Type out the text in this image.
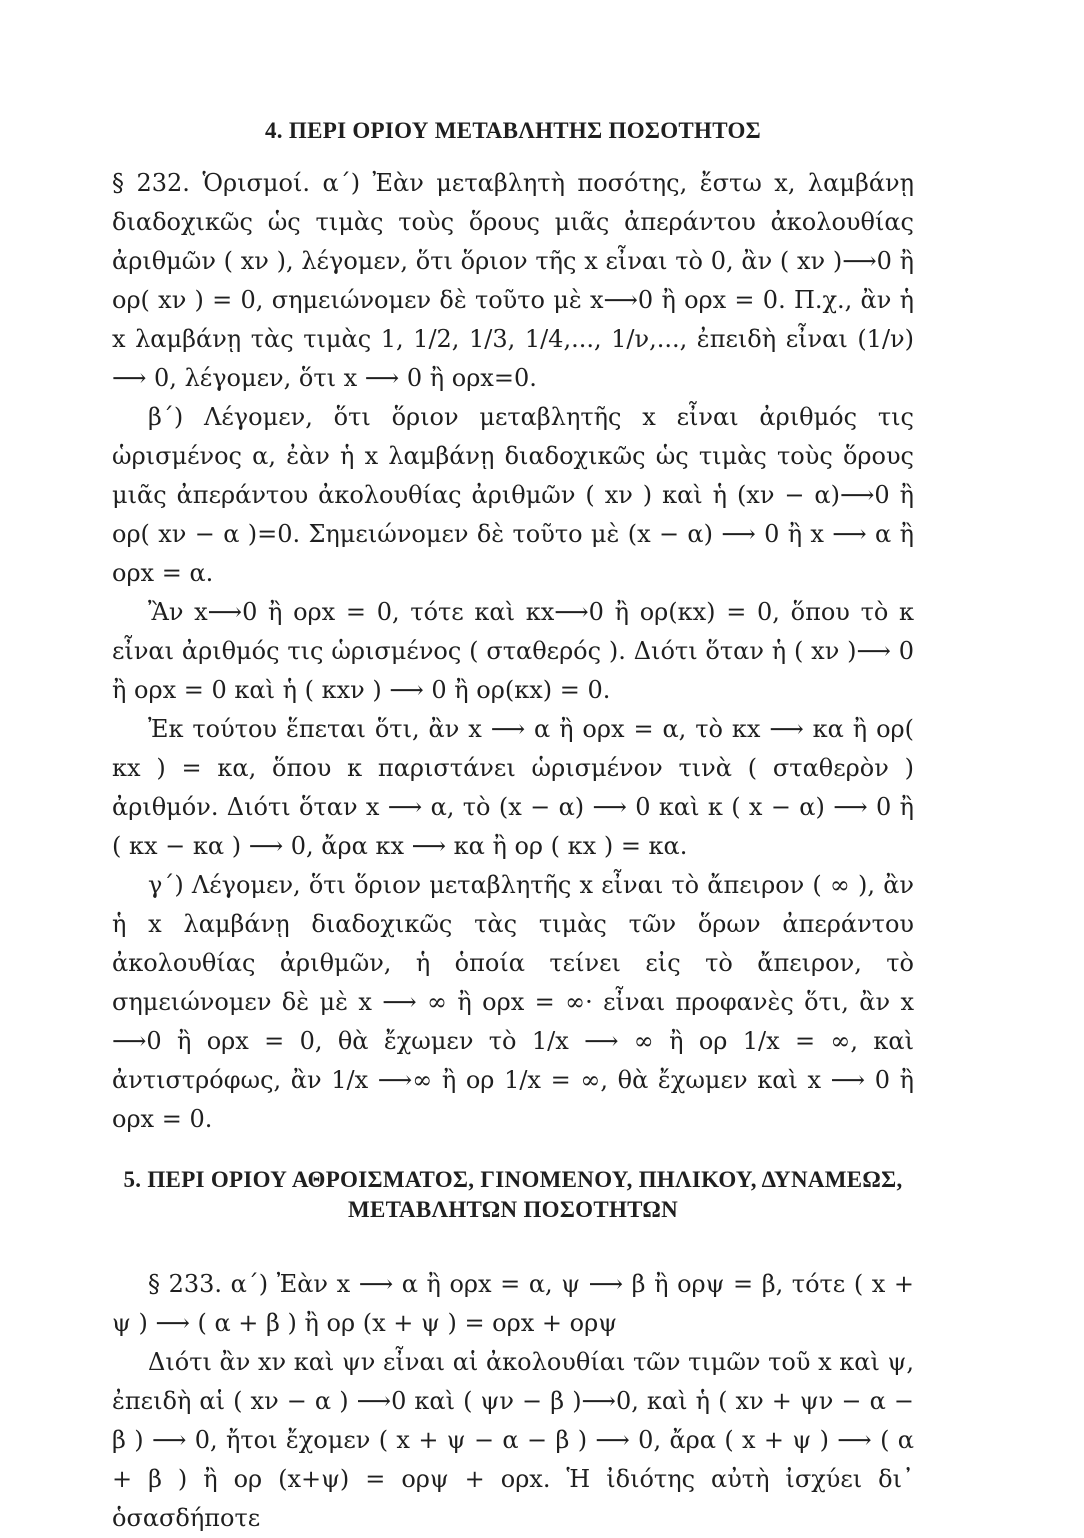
4. ΠΕΡΙ ΟΡΙΟΥ ΜΕΤΑΒΛΗΤΗΣ ΠΟΣΟΤΗΤΟΣ

§ 232. Ὁρισμοί. α΄) Ἐὰν μεταβλητὴ ποσότης, ἔστω x, λαμβάνῃ διαδοχικῶς ὡς τιμὰς τοὺς ὅρους μιᾶς ἀπεράντου ἀκολουθίας ἀριθμῶν ( xν ), λέγομεν, ὅτι ὅριον τῆς x εἶναι τὸ 0, ἂν ( xν )⟶0 ἢ ορ( xν ) = 0, σημειώνομεν δὲ τοῦτο μὲ x⟶0 ἢ ορx = 0. Π.χ., ἂν ἡ x λαμβάνῃ τὰς τιμὰς 1, 1/2, 1/3, 1/4,..., 1/ν,..., ἐπειδὴ εἶναι (1/ν) ⟶ 0, λέγομεν, ὅτι x ⟶ 0 ἢ ορx=0.

β΄) Λέγομεν, ὅτι ὅριον μεταβλητῆς x εἶναι ἀριθμός τις ὡρισμένος α, ἐὰν ἡ x λαμβάνῃ διαδοχικῶς ὡς τιμὰς τοὺς ὅρους μιᾶς ἀπεράντου ἀκολουθίας ἀριθμῶν ( xν ) καὶ ἡ (xν − α)⟶0 ἢ ορ( xν − α )=0. Σημειώνομεν δὲ τοῦτο μὲ (x − α) ⟶ 0 ἢ x ⟶ α ἢ ορx = α.

Ἂν x⟶0 ἢ ορx = 0, τότε καὶ κx⟶0 ἢ ορ(κx) = 0, ὅπου τὸ κ εἶναι ἀριθμός τις ὡρισμένος ( σταθερός ). Διότι ὅταν ἡ ( xν )⟶ 0 ἢ ορx = 0 καὶ ἡ ( κxν ) ⟶ 0 ἢ ορ(κx) = 0.

Ἐκ τούτου ἕπεται ὅτι, ἂν x ⟶ α ἢ ορx = α, τὸ κx ⟶ κα ἢ ορ( κx ) = κα, ὅπου κ παριστάνει ὡρισμένον τινὰ ( σταθερὸν ) ἀριθμόν. Διότι ὅταν x ⟶ α, τὸ (x − α) ⟶ 0 καὶ κ ( x − α) ⟶ 0 ἢ ( κx − κα ) ⟶ 0, ἄρα κx ⟶ κα ἢ ορ ( κx ) = κα.

γ΄) Λέγομεν, ὅτι ὅριον μεταβλητῆς x εἶναι τὸ ἄπειρον ( ∞ ), ἂν ἡ x λαμβάνῃ διαδοχικῶς τὰς τιμὰς τῶν ὅρων ἀπεράντου ἀκολουθίας ἀριθμῶν, ἡ ὁποία τείνει εἰς τὸ ἄπειρον, τὸ σημειώνομεν δὲ μὲ x ⟶ ∞ ἢ ορx = ∞· εἶναι προφανὲς ὅτι, ἂν x ⟶0 ἢ ορx = 0, θὰ ἔχωμεν τὸ 1/x ⟶ ∞ ἢ ορ 1/x = ∞, καὶ ἀντιστρόφως, ἂν 1/x ⟶∞ ἢ ορ 1/x = ∞, θὰ ἔχωμεν καὶ x ⟶ 0 ἢ ορx = 0.

5. ΠΕΡΙ ΟΡΙΟΥ ΑΘΡΟΙΣΜΑΤΟΣ, ΓΙΝΟΜΕΝΟΥ, ΠΗΛΙΚΟΥ, ΔΥΝΑΜΕΩΣ,
ΜΕΤΑΒΛΗΤΩΝ ΠΟΣΟΤΗΤΩΝ

§ 233. α΄) Ἐὰν x ⟶ α ἢ ορx = α, ψ ⟶ β ἢ ορψ = β, τότε ( x + ψ ) ⟶ ( α + β ) ἢ ορ (x + ψ ) = ορx + ορψ

Διότι ἂν xν καὶ ψν εἶναι αἱ ἀκολουθίαι τῶν τιμῶν τοῦ x καὶ ψ, ἐπειδὴ αἱ ( xν − α ) ⟶0 καὶ ( ψν − β )⟶0, καὶ ἡ ( xν + ψν − α − β ) ⟶ 0, ἤτοι ἔχομεν ( x + ψ − α − β ) ⟶ 0, ἄρα ( x + ψ ) ⟶ ( α + β ) ἢ ορ (x+ψ) = ορψ + ορx. Ἡ ἰδιότης αὐτὴ ἰσχύει δι᾿ ὁσασδήποτε
